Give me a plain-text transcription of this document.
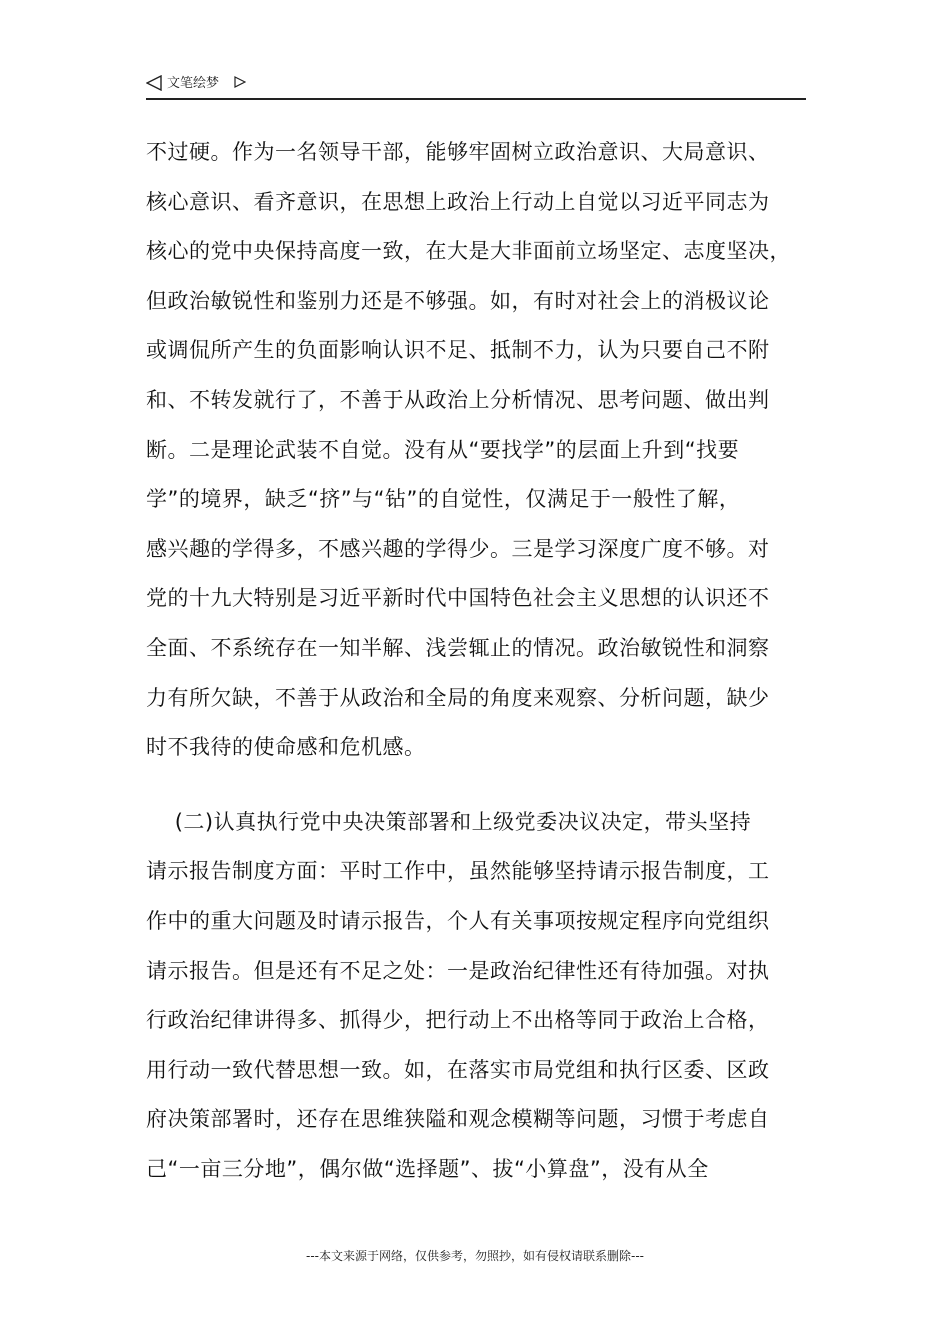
文笔绘梦
不过硬。作为一名领导干部，能够牢固树立政治意识、大局意识、
核心意识、看齐意识，在思想上政治上行动上自觉以习近平同志为
核心的党中央保持高度一致，在大是大非面前立场坚定、志度坚决，
但政治敏锐性和鉴别力还是不够强。如，有时对社会上的消极议论
或调侃所产生的负面影响认识不足、抵制不力，认为只要自己不附
和、不转发就行了，不善于从政治上分析情况、思考问题、做出判
断。二是理论武装不自觉。没有从“要找学”的层面上升到“找要
学”的境界，缺乏“挤”与“钻”的自觉性，仅满足于一般性了解，
感兴趣的学得多，不感兴趣的学得少。三是学习深度广度不够。对
党的十九大特别是习近平新时代中国特色社会主义思想的认识还不
全面、不系统存在一知半解、浅尝辄止的情况。政治敏锐性和洞察
力有所欠缺，不善于从政治和全局的角度来观察、分析问题，缺少
时不我待的使命感和危机感。
(二)认真执行党中央决策部署和上级党委决议决定，带头坚持
请示报告制度方面：平时工作中，虽然能够坚持请示报告制度，工
作中的重大问题及时请示报告，个人有关事项按规定程序向党组织
请示报告。但是还有不足之处：一是政治纪律性还有待加强。对执
行政治纪律讲得多、抓得少，把行动上不出格等同于政治上合格，
用行动一致代替思想一致。如，在落实市局党组和执行区委、区政
府决策部署时，还存在思维狭隘和观念模糊等问题，习惯于考虑自
己“一亩三分地”，偶尔做“选择题”、拔“小算盘”，没有从全
---本文来源于网络，仅供参考，勿照抄，如有侵权请联系删除---
